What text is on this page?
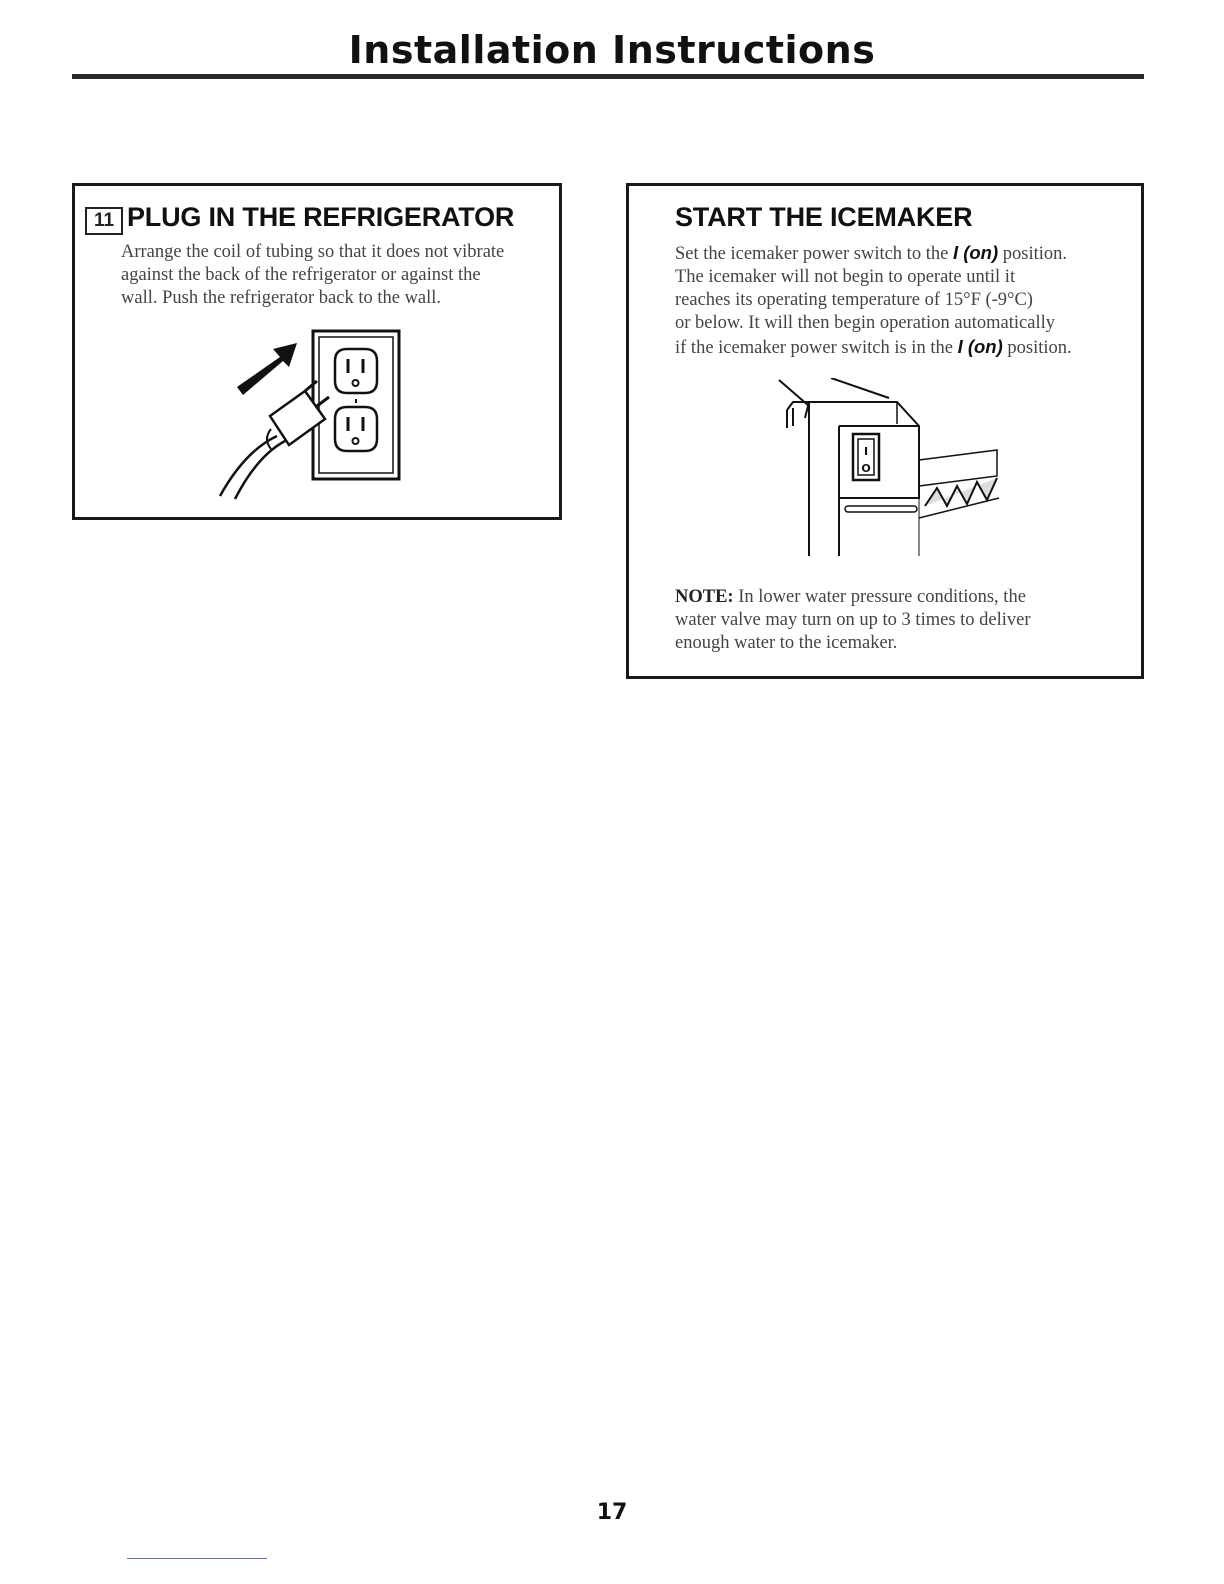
Installation Instructions
11 PLUG IN THE REFRIGERATOR
Arrange the coil of tubing so that it does not vibrate
against the back of the refrigerator or against the
wall. Push the refrigerator back to the wall.
START THE ICEMAKER
Set the icemaker power switch to the I (on) position.
The icemaker will not begin to operate until it
reaches its operating temperature of 15°F (-9°C)
or below. It will then begin operation automatically
if the icemaker power switch is in the I (on) position.
I
O
NOTE: In lower water pressure conditions, the
water valve may turn on up to 3 times to deliver
enough water to the icemaker.
17
